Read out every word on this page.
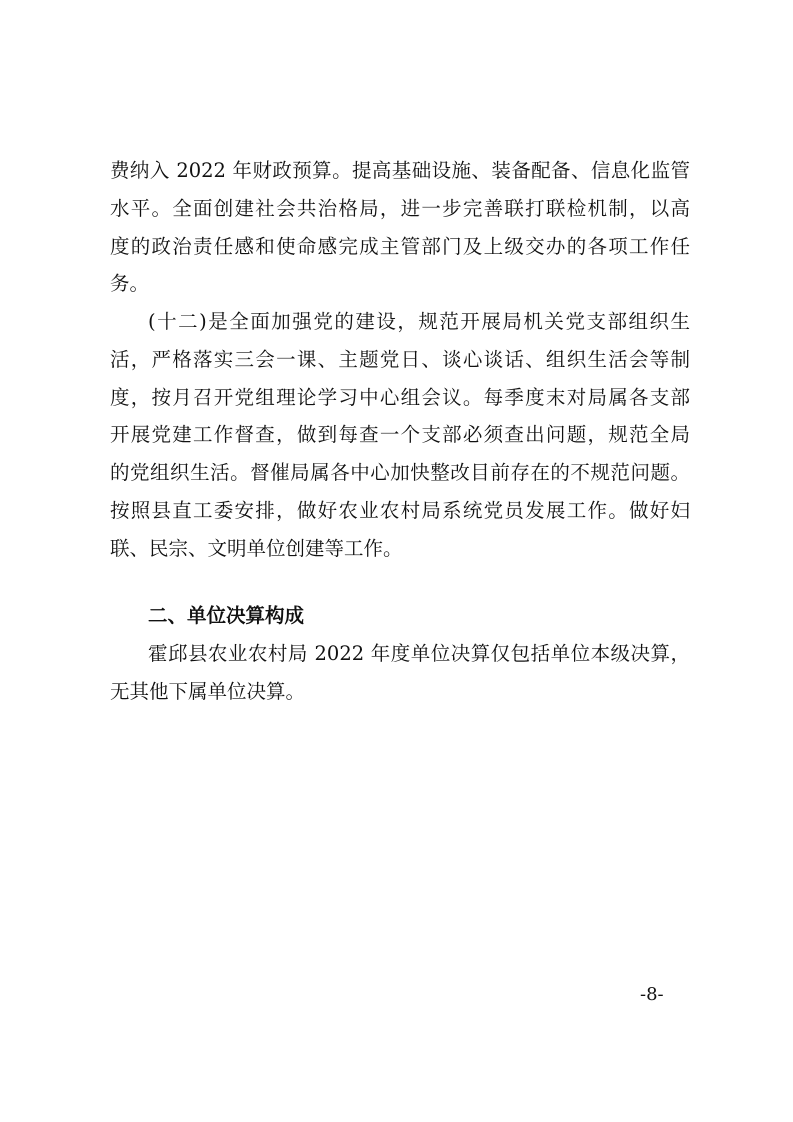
费纳入 2022 年财政预算。提高基础设施、装备配备、信息化监管
水平。全面创建社会共治格局，进一步完善联打联检机制，以高
度的政治责任感和使命感完成主管部门及上级交办的各项工作任
务。
(十二)是全面加强党的建设，规范开展局机关党支部组织生
活，严格落实三会一课、主题党日、谈心谈话、组织生活会等制
度，按月召开党组理论学习中心组会议。每季度末对局属各支部
开展党建工作督查，做到每查一个支部必须查出问题，规范全局
的党组织生活。督催局属各中心加快整改目前存在的不规范问题。
按照县直工委安排，做好农业农村局系统党员发展工作。做好妇
联、民宗、文明单位创建等工作。
二、单位决算构成
霍邱县农业农村局 2022 年度单位决算仅包括单位本级决算，
无其他下属单位决算。
-8-
